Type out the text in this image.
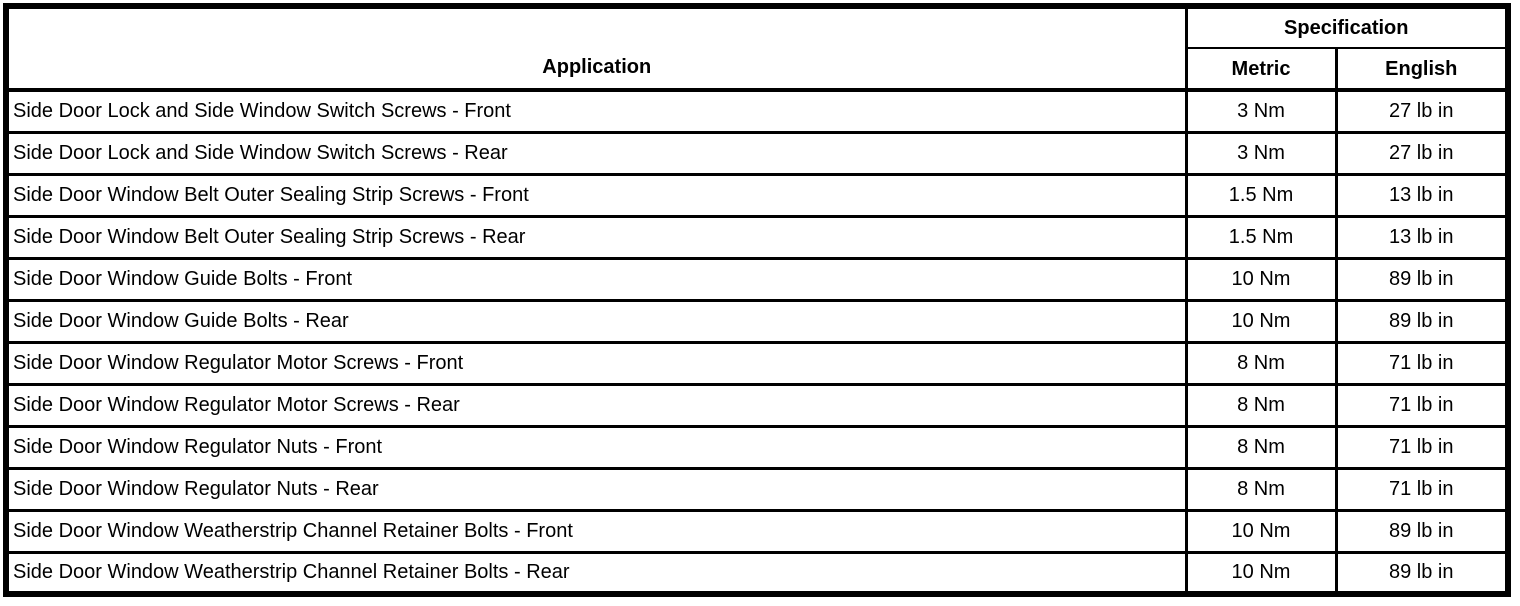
Application	Specification	
	Metric	English
Side Door Lock and Side Window Switch Screws - Front	3 Nm	27 lb in
Side Door Lock and Side Window Switch Screws - Rear	3 Nm	27 lb in
Side Door Window Belt Outer Sealing Strip Screws - Front	1.5 Nm	13 lb in
Side Door Window Belt Outer Sealing Strip Screws - Rear	1.5 Nm	13 lb in
Side Door Window Guide Bolts - Front	10 Nm	89 lb in
Side Door Window Guide Bolts - Rear	10 Nm	89 lb in
Side Door Window Regulator Motor Screws - Front	8 Nm	71 lb in
Side Door Window Regulator Motor Screws - Rear	8 Nm	71 lb in
Side Door Window Regulator Nuts - Front	8 Nm	71 lb in
Side Door Window Regulator Nuts - Rear	8 Nm	71 lb in
Side Door Window Weatherstrip Channel Retainer Bolts - Front	10 Nm	89 lb in
Side Door Window Weatherstrip Channel Retainer Bolts - Rear	10 Nm	89 lb in
